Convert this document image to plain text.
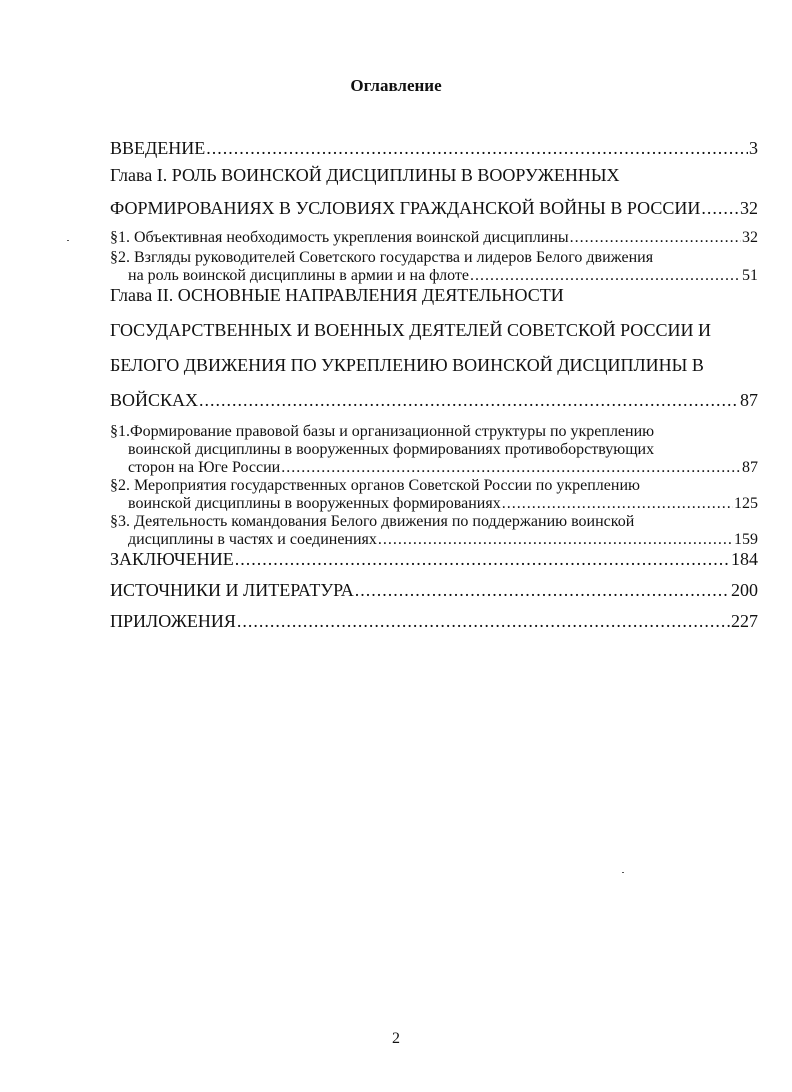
Оглавление
ВВЕДЕНИЕ .....	3
Глава I. РОЛЬ ВОИНСКОЙ ДИСЦИПЛИНЫ В ВООРУЖЕННЫХ
ФОРМИРОВАНИЯХ В УСЛОВИЯХ ГРАЖДАНСКОЙ ВОЙНЫ В РОССИИ ..... 32
§1. Объективная необходимость укрепления воинской дисциплины .....	32
§2. Взгляды руководителей Советского государства и лидеров Белого движения
на роль воинской дисциплины в армии и на флоте .....	51
Глава II. ОСНОВНЫЕ НАПРАВЛЕНИЯ ДЕЯТЕЛЬНОСТИ
ГОСУДАРСТВЕННЫХ И ВОЕННЫХ ДЕЯТЕЛЕЙ СОВЕТСКОЙ РОССИИ И
БЕЛОГО ДВИЖЕНИЯ ПО УКРЕПЛЕНИЮ ВОИНСКОЙ ДИСЦИПЛИНЫ В
ВОЙСКАХ .....	87
§1.Формирование правовой базы и организационной структуры по укреплению
воинской дисциплины в вооруженных формированиях противоборствующих
сторон на Юге России .....	87
§2. Мероприятия государственных органов Советской России по укреплению
воинской дисциплины в вооруженных формированиях .....	125
§3. Деятельность командования Белого движения по поддержанию воинской
дисциплины в частях и соединениях .....	159
ЗАКЛЮЧЕНИЕ .....	184
ИСТОЧНИКИ И ЛИТЕРАТУРА .....	200
ПРИЛОЖЕНИЯ .....	227
2
